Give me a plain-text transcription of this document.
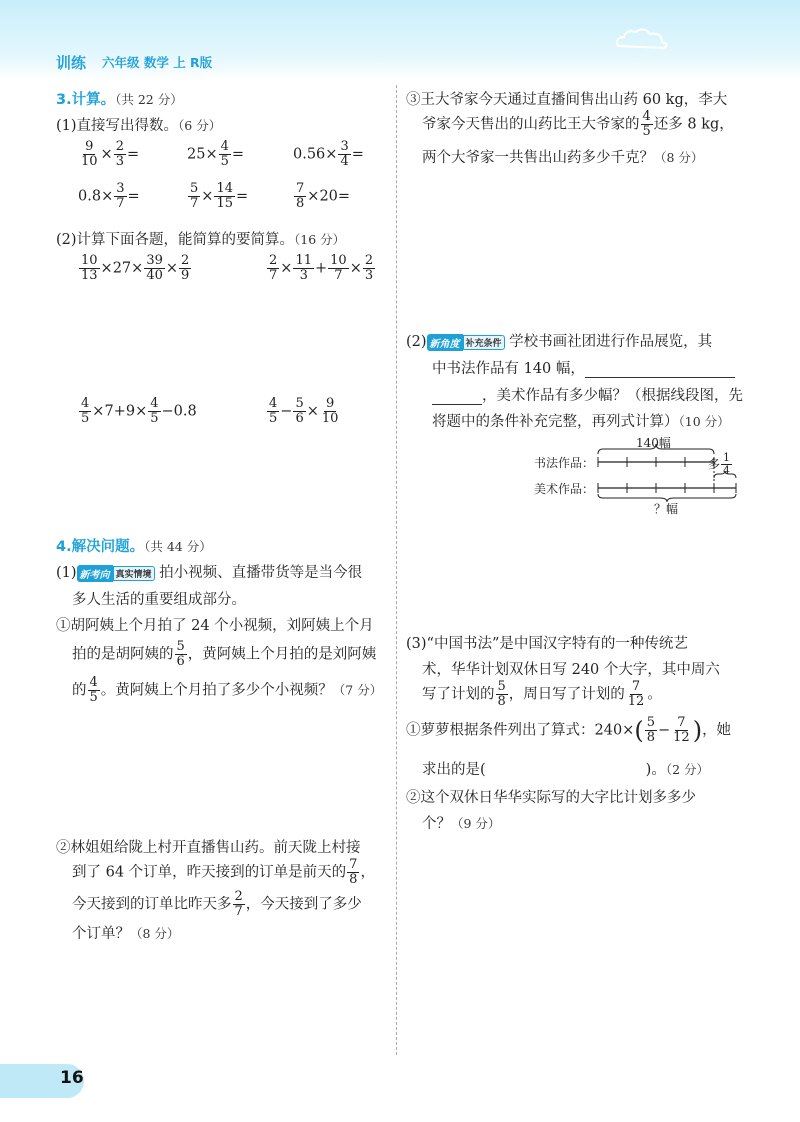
训练 六年级 数学 上 R版
3.计算。（共 22 分）
(1)直接写出得数。（6 分）
$\frac{9}{10} \times \frac{2}{3}$ =	$25\times \frac{4}{5}$ =	$0.56\times \frac{3}{4}$ =
$0.8\times \frac{3}{7}$ =	$\frac{5}{7} \times \frac{14}{15}$ =	$\frac{7}{8} \times 20=$
(2)计算下面各题，能简算的要简算。（16 分）
$\frac{10}{13} \times 27\times \frac{39}{40} \times \frac{2}{9}$	$\frac{2}{7} \times \frac{11}{3} + \frac{10}{7} \times \frac{2}{3}$
$\frac{4}{5} \times 7+9\times \frac{4}{5} -0.8$	$\frac{4}{5} - \frac{5}{6} \times \frac{9}{10}$
4.解决问题。（共 44 分）
(1) 新考向 真实情境 拍小视频、直播带货等是当今很
多人生活的重要组成部分。
①胡阿姨上个月拍了 24 个小视频，刘阿姨上个月
拍的是胡阿姨的 $\frac{5}{6}$ ，黄阿姨上个月拍的是刘阿姨
的 $\frac{4}{5}$ 。黄阿姨上个月拍了多少个小视频？（7 分）
②林姐姐给陇上村开直播售山药。前天陇上村接
到了 64 个订单，昨天接到的订单是前天的 $\frac{7}{8}$ ，
今天接到的订单比昨天多 $\frac{2}{7}$ ，今天接到了多少
个订单？（8 分）
③王大爷家今天通过直播间售出山药 60 kg，李大
爷家今天售出的山药比王大爷家的 $\frac{4}{5}$ 还多 8 kg，
两个大爷家一共售出山药多少千克？（8 分）
(2) 新角度 补充条件 学校书画社团进行作品展览，其
中书法作品有 140 幅，
，美术作品有多少幅？（根据线段图，先
将题中的条件补充完整，再列式计算）（10 分）
140幅
书法作品：
美术作品：
多 $\frac{1}{4}$
？幅
(3)“中国书法”是中国汉字特有的一种传统艺
术，华华计划双休日写 240 个大字，其中周六
写了计划的 $\frac{5}{8}$ ，周日写了计划的 $\frac{7}{12}$ 。
①萝萝根据条件列出了算式：$240\times( \frac{5}{8} - \frac{7}{12}$ )，她
求出的是(	)。（2 分）
②这个双休日华华实际写的大字比计划多多少
个？（9 分）
16
